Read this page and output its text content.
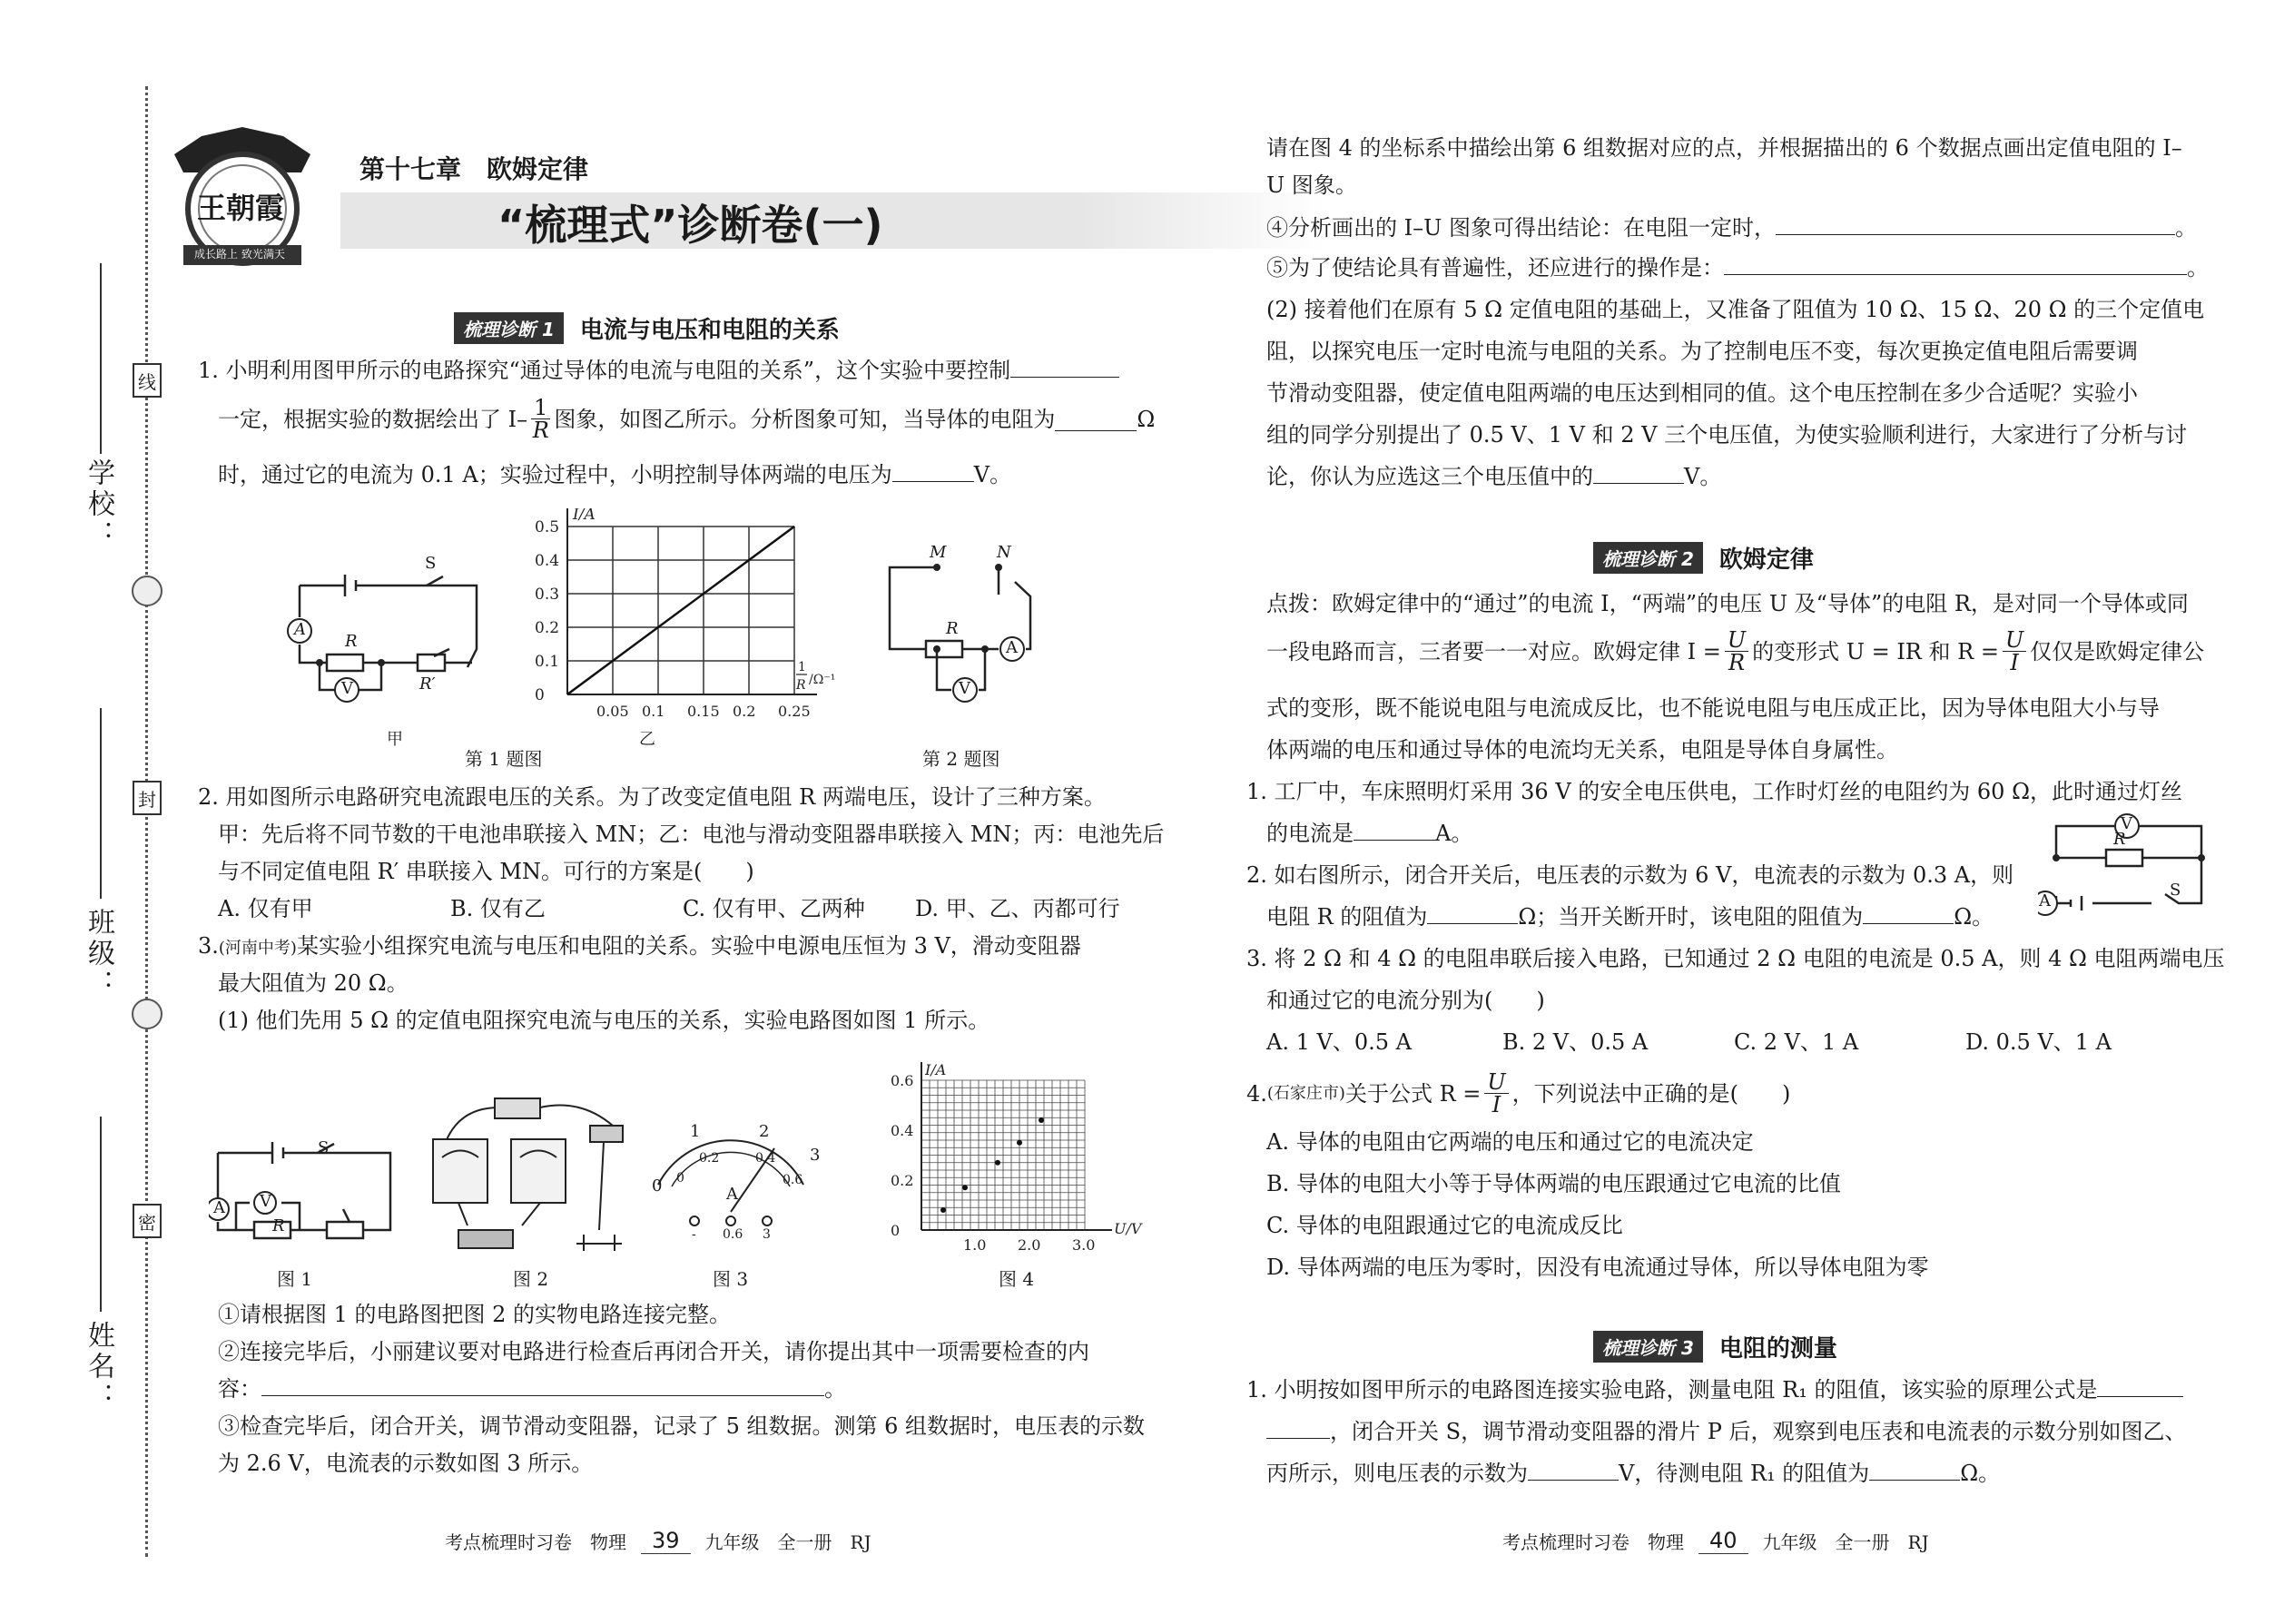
学校：
线
班级：
封
姓名：
密
王朝霞
成长路上 致光满天
第十七章　欧姆定律
“梳理式”诊断卷(一)
梳理诊断 1	电流与电压和电阻的关系
1. 小明利用图甲所示的电路探究“通过导体的电流与电阻的关系”，这个实验中要控制
一定，根据实验的数据绘出了 $I- \frac{1}{R}$ 图象，如图乙所示。分析图象可知，当导体的电阻为	Ω
时，通过它的电流为 0.1 A；实验过程中，小明控制导体两端的电压为	V。
A
V
R
R′
S
甲
I/A
0.5
0.4
0.3
0.2
0.1
0
0.05 0.1 0.15 0.2 0.25
1
R /Ω⁻¹
乙
第 1 题图
M	N
R
A
V
第 2 题图
2. 用如图所示电路研究电流跟电压的关系。为了改变定值电阻 R 两端电压，设计了三种方案。
甲：先后将不同节数的干电池串联接入 MN；乙：电池与滑动变阻器串联接入 MN；丙：电池先后
与不同定值电阻 R′ 串联接入 MN。可行的方案是(　　)
A. 仅有甲	B. 仅有乙	C. 仅有甲、乙两种 D. 甲、乙、丙都可行
3.(河南中考)某实验小组探究电流与电压和电阻的关系。实验中电源电压恒为 3 V，滑动变阻器
最大阻值为 20 Ω。
(1) 他们先用 5 Ω 的定值电阻探究电流与电压的关系，实验电路图如图 1 所示。
A V
R
S
图 1	图 2
0
1	2
3
0
0.2	0.4
0.6
A
- 0.6 3
图 3
I/A
U/V
0.6
0.4
0.2
0
1.0 2.0 3.0
图 4
①请根据图 1 的电路图把图 2 的实物电路连接完整。
②连接完毕后，小丽建议要对电路进行检查后再闭合开关，请你提出其中一项需要检查的内
容：	。
③检查完毕后，闭合开关，调节滑动变阻器，记录了 5 组数据。测第 6 组数据时，电压表的示数
为 2.6 V，电流表的示数如图 3 所示。
考点梳理时习卷　物理	39	九年级　全一册　RJ
请在图 4 的坐标系中描绘出第 6 组数据对应的点，并根据描出的 6 个数据点画出定值电阻的 I–
U 图象。
④分析画出的 I–U 图象可得出结论：在电阻一定时，	。
⑤为了使结论具有普遍性，还应进行的操作是：	。
(2) 接着他们在原有 5 Ω 定值电阻的基础上，又准备了阻值为 10 Ω、15 Ω、20 Ω 的三个定值电
阻，以探究电压一定时电流与电阻的关系。为了控制电压不变，每次更换定值电阻后需要调
节滑动变阻器，使定值电阻两端的电压达到相同的值。这个电压控制在多少合适呢？实验小
组的同学分别提出了 0.5 V、1 V 和 2 V 三个电压值，为使实验顺利进行，大家进行了分析与讨
论，你认为应选这三个电压值中的	V。
梳理诊断 2	欧姆定律
点拨：欧姆定律中的“通过”的电流 I，“两端”的电压 U 及“导体”的电阻 R，是对同一个导体或同
一段电路而言，三者要一一对应。欧姆定律 $I = \frac{U}{R}$ 的变形式 U = IR 和 $R = \frac{U}{I}$ 仅仅是欧姆定律公
式的变形，既不能说电阻与电流成反比，也不能说电阻与电压成正比，因为导体电阻大小与导
体两端的电压和通过导体的电流均无关系，电阻是导体自身属性。
1. 工厂中，车床照明灯采用 36 V 的安全电压供电，工作时灯丝的电阻约为 60 Ω，此时通过灯丝
的电流是	A。
2. 如右图所示，闭合开关后，电压表的示数为 6 V，电流表的示数为 0.3 A，则
电阻 R 的阻值为	Ω；当开关断开时，该电阻的阻值为	Ω。
V
R
A
S
3. 将 2 Ω 和 4 Ω 的电阻串联后接入电路，已知通过 2 Ω 电阻的电流是 0.5 A，则 4 Ω 电阻两端电压
和通过它的电流分别为(　　)
A. 1 V、0.5 A	B. 2 V、0.5 A	C. 2 V、1 A	D. 0.5 V、1 A
4. (石家庄市) 关于公式 $R = \frac{U}{I}$ ，下列说法中正确的是(　　)
A. 导体的电阻由它两端的电压和通过它的电流决定
B. 导体的电阻大小等于导体两端的电压跟通过它电流的比值
C. 导体的电阻跟通过它的电流成反比
D. 导体两端的电压为零时，因没有电流通过导体，所以导体电阻为零
梳理诊断 3	电阻的测量
1. 小明按如图甲所示的电路图连接实验电路，测量电阻 R₁ 的阻值，该实验的原理公式是
，闭合开关 S，调节滑动变阻器的滑片 P 后，观察到电压表和电流表的示数分别如图乙、
丙所示，则电压表的示数为	V，待测电阻 R₁ 的阻值为	Ω。
考点梳理时习卷　物理	40	九年级　全一册　RJ
